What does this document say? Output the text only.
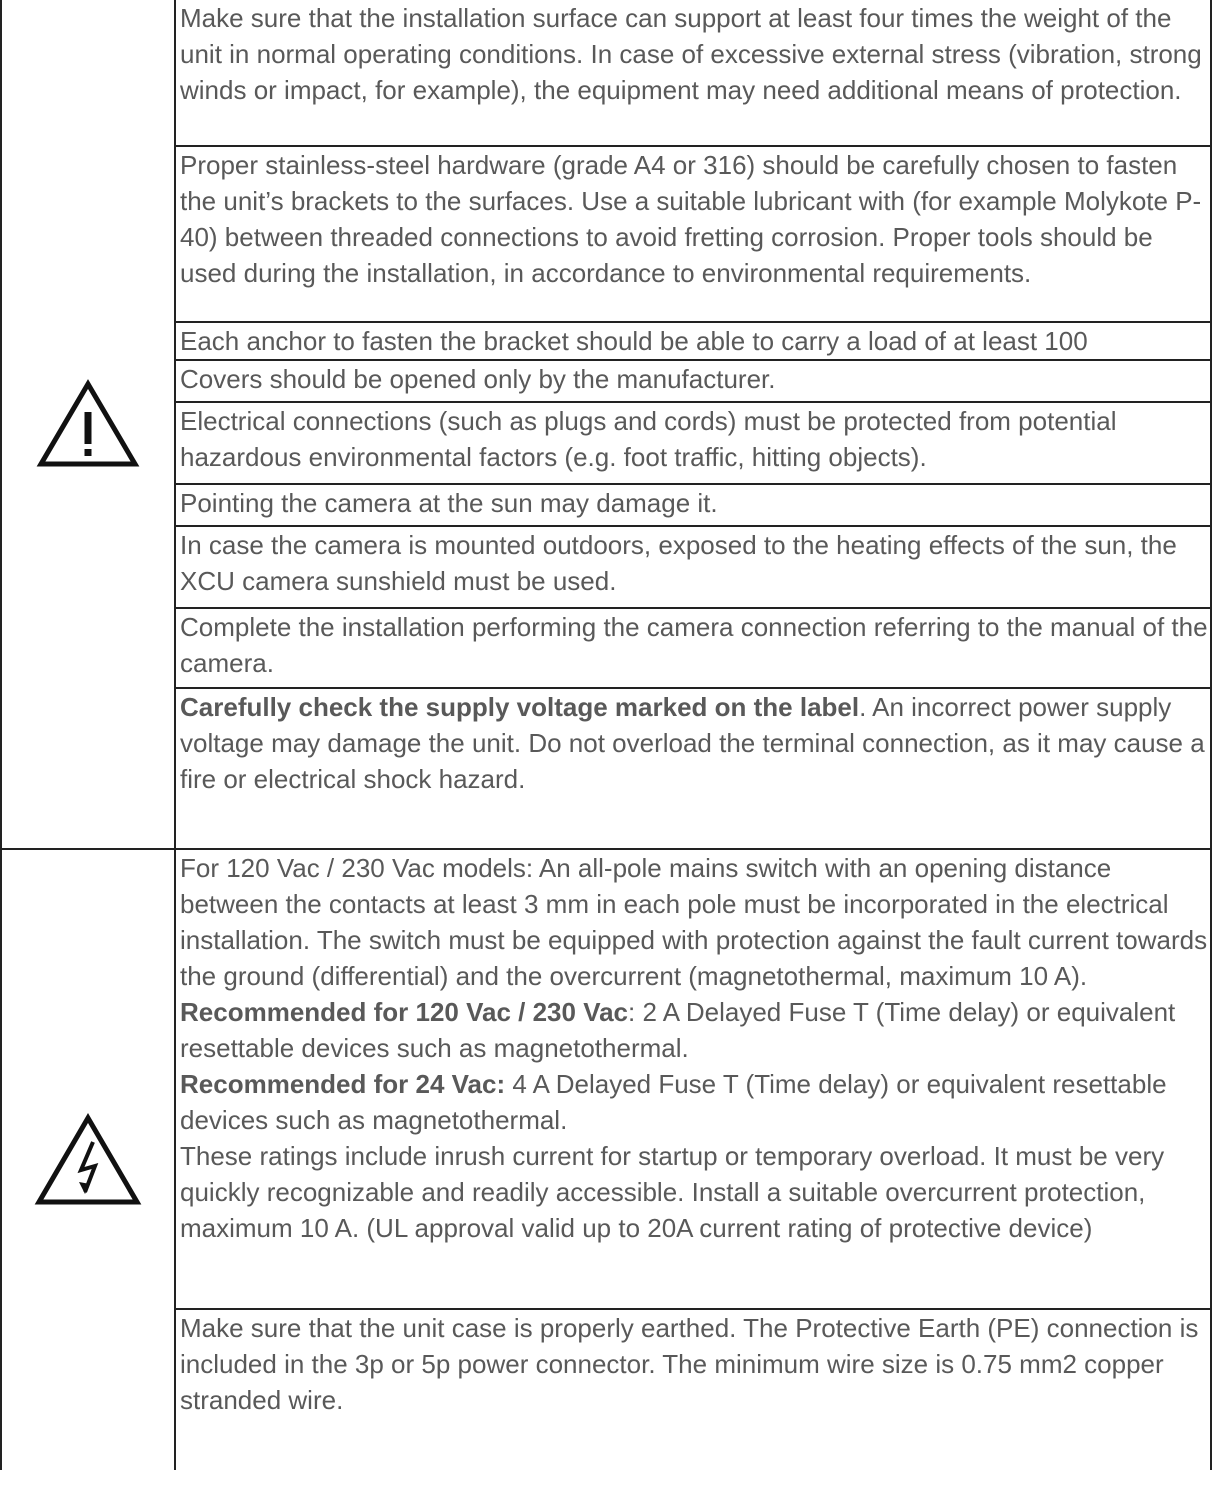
Make sure that the installation surface can support at least four times the weight of the unit in normal operating conditions. In case of excessive external stress (vibration, strong winds or impact, for example), the equipment may need additional means of protection.

Proper stainless-steel hardware (grade A4 or 316) should be carefully chosen to fasten the unit’s brackets to the surfaces. Use a suitable lubricant with (for example Molykote P-40) between threaded connections to avoid fretting corrosion. Proper tools should be used during the installation, in accordance to environmental requirements.

Each anchor to fasten the bracket should be able to carry a load of at least 100

Covers should be opened only by the manufacturer.

Electrical connections (such as plugs and cords) must be protected from potential hazardous environmental factors (e.g. foot traffic, hitting objects).

Pointing the camera at the sun may damage it.

In case the camera is mounted outdoors, exposed to the heating effects of the sun, the XCU camera sunshield must be used.

Complete the installation performing the camera connection referring to the manual of the camera.

Carefully check the supply voltage marked on the label. An incorrect power supply voltage may damage the unit. Do not overload the terminal connection, as it may cause a fire or electrical shock hazard.

For 120 Vac / 230 Vac models: An all-pole mains switch with an opening distance between the contacts at least 3 mm in each pole must be incorporated in the electrical installation. The switch must be equipped with protection against the fault current towards the ground (differential) and the overcurrent (magnetothermal, maximum 10 A).

Recommended for 120 Vac / 230 Vac: 2 A Delayed Fuse T (Time delay) or equivalent resettable devices such as magnetothermal.

Recommended for 24 Vac: 4 A Delayed Fuse T (Time delay) or equivalent resettable devices such as magnetothermal.

These ratings include inrush current for startup or temporary overload. It must be very quickly recognizable and readily accessible. Install a suitable overcurrent protection, maximum 10 A. (UL approval valid up to 20A current rating of protective device)

Make sure that the unit case is properly earthed. The Protective Earth (PE) connection is included in the 3p or 5p power connector. The minimum wire size is 0.75 mm2 copper stranded wire.
